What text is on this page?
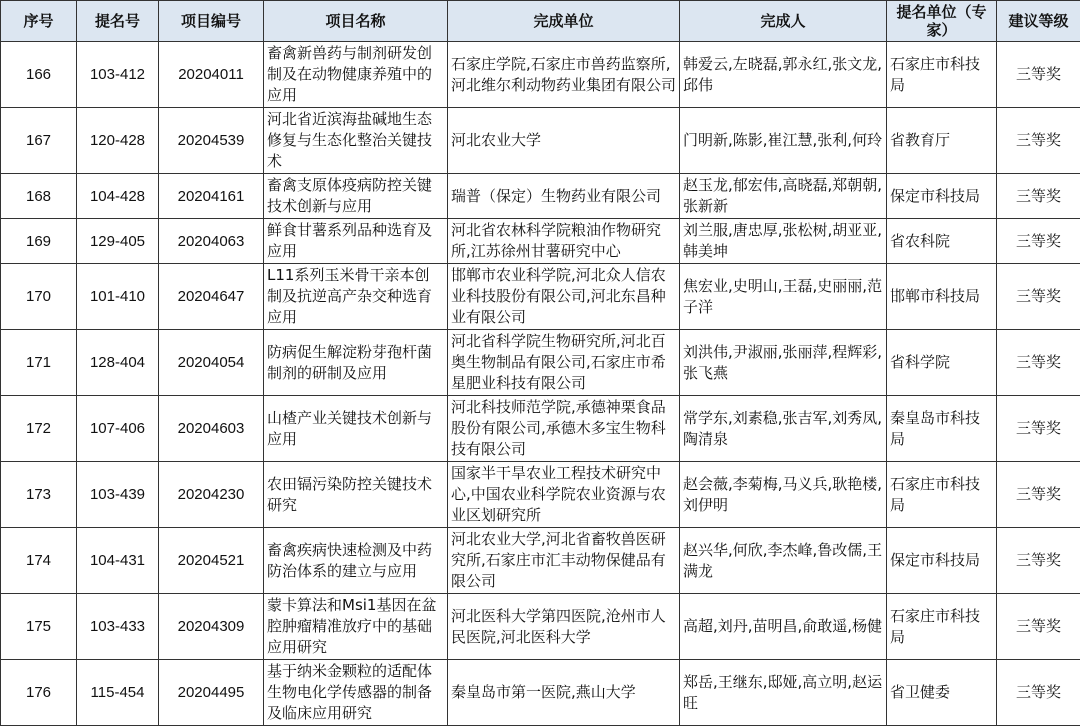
序号	提名号	项目编号	项目名称	完成单位	完成人	提名单位（专家）	建议等级
166	103-412	20204011	畜禽新兽药与制剂研发创制及在动物健康养殖中的应用	石家庄学院,石家庄市兽药监察所,河北维尔利动物药业集团有限公司	韩爱云,左晓磊,郭永红,张文龙,邱伟	石家庄市科技局	三等奖
167	120-428	20204539	河北省近滨海盐碱地生态修复与生态化整治关键技术	河北农业大学	门明新,陈影,崔江慧,张利,何玲	省教育厅	三等奖
168	104-428	20204161	畜禽支原体疫病防控关键技术创新与应用	瑞普（保定）生物药业有限公司	赵玉龙,郁宏伟,高晓磊,郑朝朝,张新新	保定市科技局	三等奖
169	129-405	20204063	鲜食甘薯系列品种选育及应用	河北省农林科学院粮油作物研究所,江苏徐州甘薯研究中心	刘兰服,唐忠厚,张松树,胡亚亚,韩美坤	省农科院	三等奖
170	101-410	20204647	L11系列玉米骨干亲本创制及抗逆高产杂交种选育应用	邯郸市农业科学院,河北众人信农业科技股份有限公司,河北东昌种业有限公司	焦宏业,史明山,王磊,史丽丽,范子洋	邯郸市科技局	三等奖
171	128-404	20204054	防病促生解淀粉芽孢杆菌制剂的研制及应用	河北省科学院生物研究所,河北百奥生物制品有限公司,石家庄市希星肥业科技有限公司	刘洪伟,尹淑丽,张丽萍,程辉彩,张飞燕	省科学院	三等奖
172	107-406	20204603	山楂产业关键技术创新与应用	河北科技师范学院,承德神栗食品股份有限公司,承德木多宝生物科技有限公司	常学东,刘素稳,张吉军,刘秀凤,陶清泉	秦皇岛市科技局	三等奖
173	103-439	20204230	农田镉污染防控关键技术研究	国家半干旱农业工程技术研究中心,中国农业科学院农业资源与农业区划研究所	赵会薇,李菊梅,马义兵,耿艳楼,刘伊明	石家庄市科技局	三等奖
174	104-431	20204521	畜禽疾病快速检测及中药防治体系的建立与应用	河北农业大学,河北省畜牧兽医研究所,石家庄市汇丰动物保健品有限公司	赵兴华,何欣,李杰峰,鲁改儒,王满龙	保定市科技局	三等奖
175	103-433	20204309	蒙卡算法和Msi1基因在盆腔肿瘤精准放疗中的基础应用研究	河北医科大学第四医院,沧州市人民医院,河北医科大学	高超,刘丹,苗明昌,俞敢遥,杨健	石家庄市科技局	三等奖
176	115-454	20204495	基于纳米金颗粒的适配体生物电化学传感器的制备及临床应用研究	秦皇岛市第一医院,燕山大学	郑岳,王继东,邸娅,高立明,赵运旺	省卫健委	三等奖
